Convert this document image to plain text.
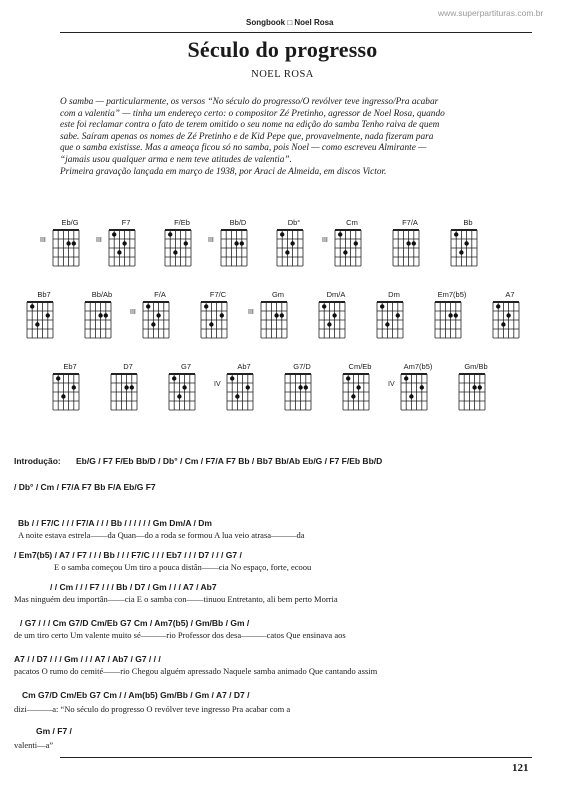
Songbook □ Noel Rosa
www.superpartituras.com.br
Século do progresso
NOEL ROSA

O samba — particularmente, os versos “No século do progresso/O revólver teve ingresso/Pra acabar

com a valentia” — tinha um endereço certo: o compositor Zé Pretinho, agressor de Noel Rosa, quando

este foi reclamar contra o fato de terem omitido o seu nome na edição do samba Tenho raiva de quem

sabe. Saíram apenas os nomes de Zé Pretinho e de Kid Pepe que, provavelmente, nada fizeram para

que o samba existisse. Mas a ameaça ficou só no samba, pois Noel — como escreveu Almirante —

“jamais usou qualquer arma e nem teve atitudes de valentia”.

Primeira gravação lançada em março de 1938, por Araci de Almeida, em discos Victor.

Eb/G
III
F7
III
F/Eb	Bb/D
III
Db°	Cm
III
F7/A	Bb
Bb7	Bb/Ab	F/A
III
F7/C	Gm
III
Dm/A	Dm	Em7(b5)	A7
Eb7	D7	G7	Ab7
IV
G7/D	Cm/Eb	Am7(b5)
IV
Gm/Bb
Introdução: Eb/G / F7 F/Eb Bb/D / Db° / Cm / F7/A F7 Bb / Bb7 Bb/Ab Eb/G / F7 F/Eb Bb/D
/ Db° / Cm / F7/A F7 Bb F/A Eb/G F7
Bb / / F7/C / / / F7/A / / / Bb / / / / / / Gm Dm/A / Dm
A noite estava estrela——da Quan—do a roda se formou A lua veio atrasa———da
/ Em7(b5) / A7 / F7 / / / Bb / / / F7/C / / / Eb7 / / / D7 / / / G7 /
E o samba começou Um tiro a pouca distân——cia No espaço, forte, ecoou
/ / Cm / / / F7 / / / Bb / D7 / Gm / / / A7 / Ab7
Mas ninguém deu importân——cia E o samba con——tinuou Entretanto, ali bem perto Morria
/ G7 / / / Cm G7/D Cm/Eb G7 Cm / Am7(b5) / Gm/Bb / Gm /
de um tiro certo Um valente muito sé———rio Professor dos desa———catos Que ensinava aos
A7 / / D7 / / / Gm / / / A7 / Ab7 / G7 / / /
pacatos O rumo do cemité——rio Chegou alguém apressado Naquele samba animado Que cantando assim
Cm G7/D Cm/Eb G7 Cm / / Am(b5) Gm/Bb / Gm / A7 / D7 /
dizi———a: “No século do progresso O revólver teve ingresso Pra acabar com a
Gm / F7 /
valenti—a”
121
